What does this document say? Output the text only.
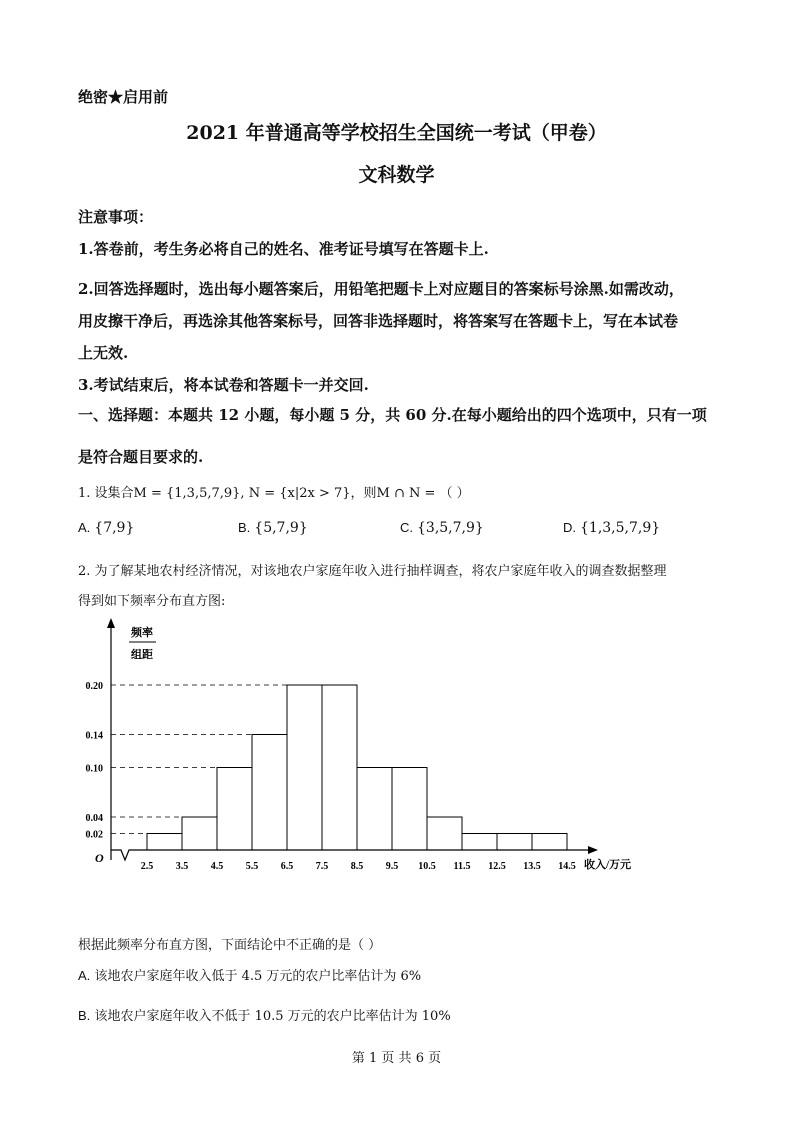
绝密★启用前
2021 年普通高等学校招生全国统一考试（甲卷）
文科数学
注意事项：
1.答卷前，考生务必将自己的姓名、准考证号填写在答题卡上.
2.回答选择题时，选出每小题答案后，用铅笔把题卡上对应题目的答案标号涂黑.如需改动，
用皮擦干净后，再选涂其他答案标号，回答非选择题时，将答案写在答题卡上，写在本试卷
上无效.
3.考试结束后，将本试卷和答题卡一并交回.
一、选择题：本题共 12 小题，每小题 5 分，共 60 分.在每小题给出的四个选项中，只有一项
是符合题目要求的.
1. 设集合M = {1,3,5,7,9}, N = {x|2x > 7}，则M ∩ N = （ ）
A. {7,9}	B. {5,7,9}	C. {3,5,7,9}	D. {1,3,5,7,9}
2. 为了解某地农村经济情况，对该地农户家庭年收入进行抽样调查，将农户家庭年收入的调查数据整理
得到如下频率分布直方图:
频率
组距
O	收入/万元
0.02
0.04
0.10
0.14
0.20
2.5 3.5 4.5 5.5 6.5 7.5 8.5 9.5 10.5 11.5 12.5 13.5 14.5
根据此频率分布直方图，下面结论中不正确的是（ ）
A. 该地农户家庭年收入低于 4.5 万元的农户比率估计为 6%
B. 该地农户家庭年收入不低于 10.5 万元的农户比率估计为 10%
第 1 页 共 6 页
